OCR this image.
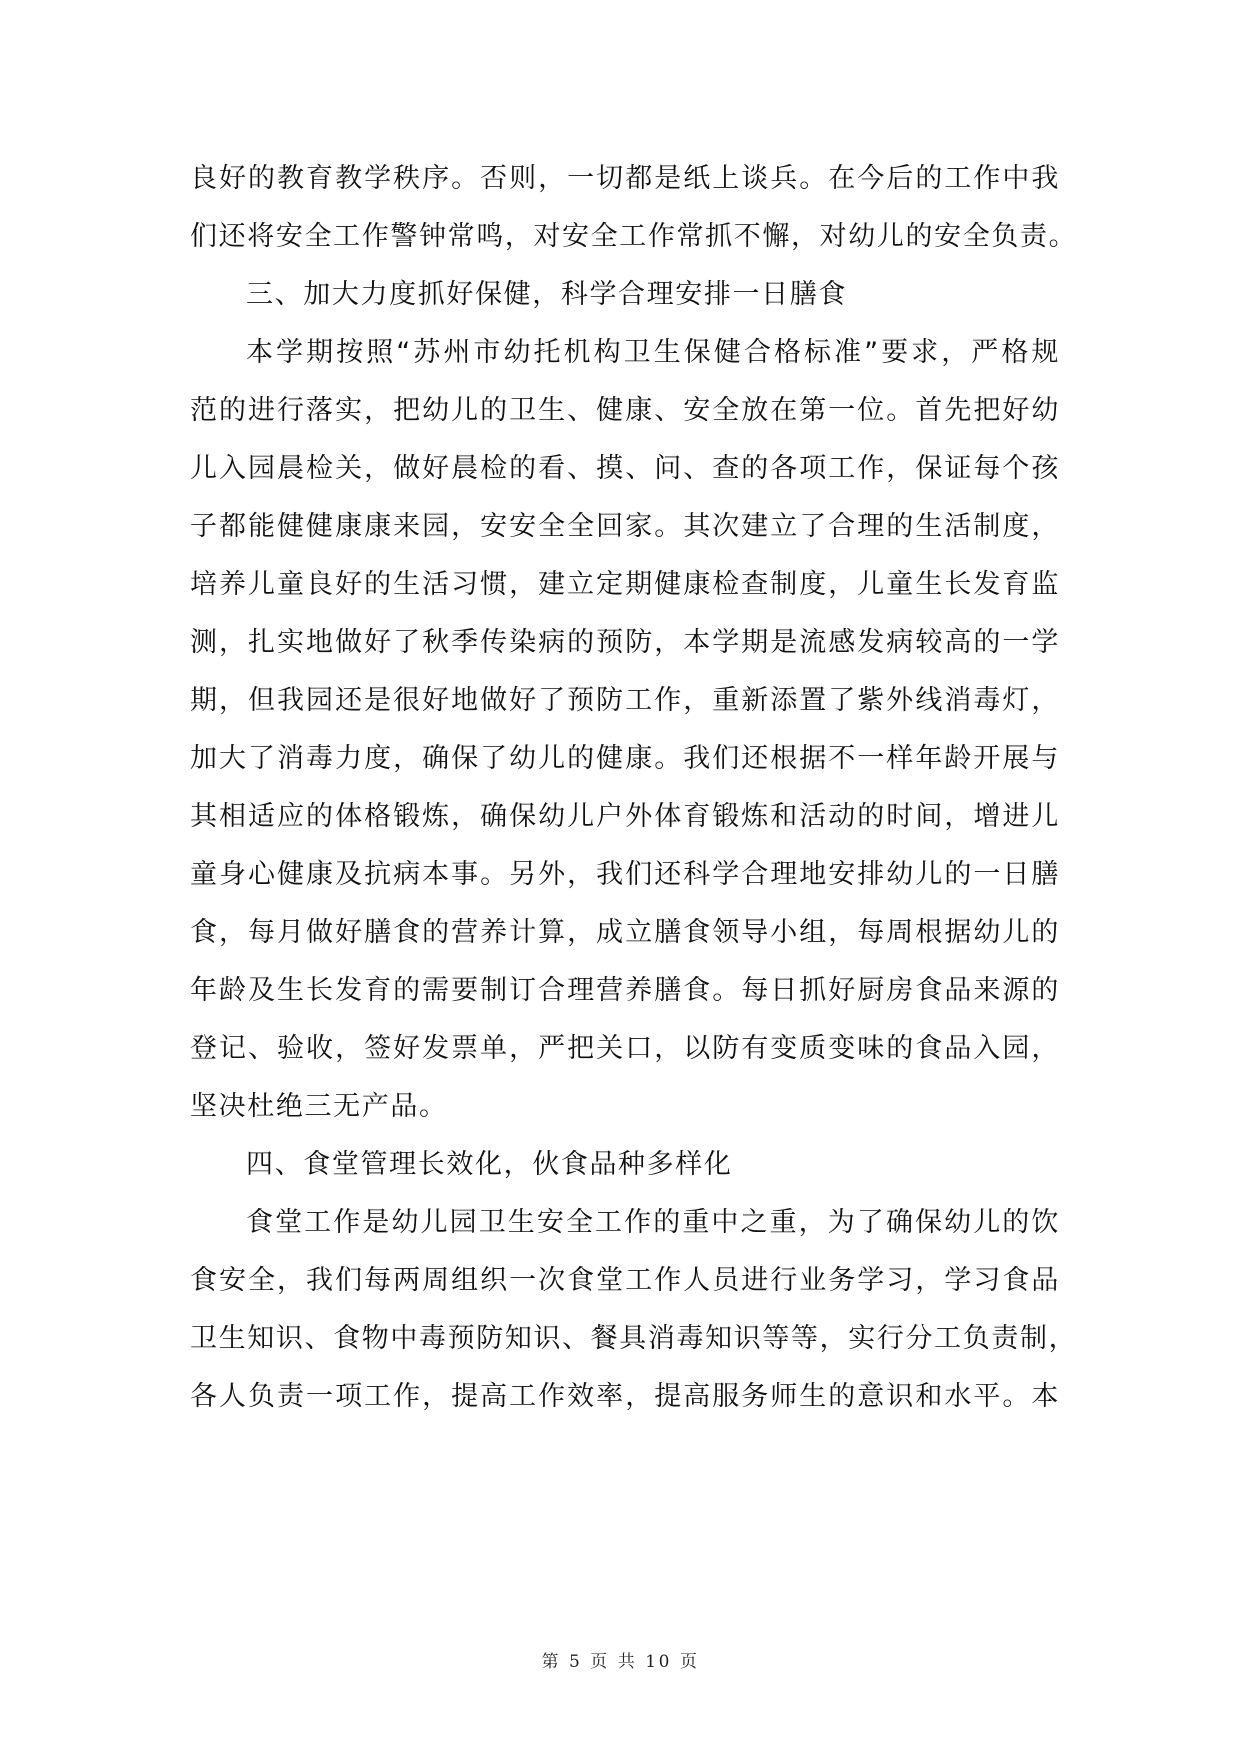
良好的教育教学秩序。否则，一切都是纸上谈兵。在今后的工作中我
们还将安全工作警钟常鸣，对安全工作常抓不懈，对幼儿的安全负责。
三、加大力度抓好保健，科学合理安排一日膳食
本学期按照“苏州市幼托机构卫生保健合格标准”要求，严格规
范的进行落实，把幼儿的卫生、健康、安全放在第一位。首先把好幼
儿入园晨检关，做好晨检的看、摸、问、查的各项工作，保证每个孩
子都能健健康康来园，安安全全回家。其次建立了合理的生活制度，
培养儿童良好的生活习惯，建立定期健康检查制度，儿童生长发育监
测，扎实地做好了秋季传染病的预防，本学期是流感发病较高的一学
期，但我园还是很好地做好了预防工作，重新添置了紫外线消毒灯，
加大了消毒力度，确保了幼儿的健康。我们还根据不一样年龄开展与
其相适应的体格锻炼，确保幼儿户外体育锻炼和活动的时间，增进儿
童身心健康及抗病本事。另外，我们还科学合理地安排幼儿的一日膳
食，每月做好膳食的营养计算，成立膳食领导小组，每周根据幼儿的
年龄及生长发育的需要制订合理营养膳食。每日抓好厨房食品来源的
登记、验收，签好发票单，严把关口，以防有变质变味的食品入园，
坚决杜绝三无产品。
四、食堂管理长效化，伙食品种多样化
食堂工作是幼儿园卫生安全工作的重中之重，为了确保幼儿的饮
食安全，我们每两周组织一次食堂工作人员进行业务学习，学习食品
卫生知识、食物中毒预防知识、餐具消毒知识等等，实行分工负责制，
各人负责一项工作，提高工作效率，提高服务师生的意识和水平。本
第 5 页 共 10 页
